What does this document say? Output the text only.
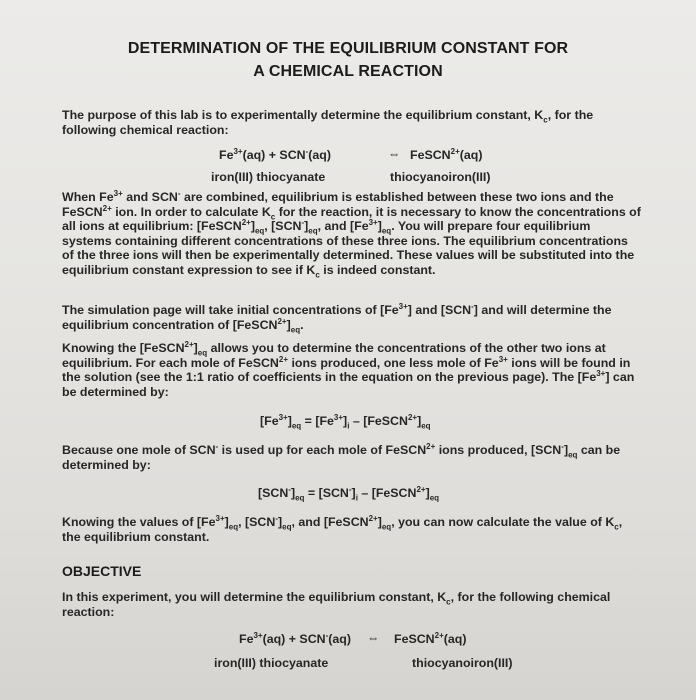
DETERMINATION OF THE EQUILIBRIUM CONSTANT FOR
A CHEMICAL REACTION
The purpose of this lab is to experimentally determine the equilibrium constant, $K_c$, for the following chemical reaction:
$Fe^{3+}(aq) + SCN^-(aq)$	⇔ FeSCN$^{2+}$(aq)
iron(III) thiocyanate	thiocyanoiron(III)
When $Fe^{3+}$ and SCN- are combined, equilibrium is established between these two ions and the FeSCN$^{2+}$ ion. In order to calculate $K_c$ for the reaction, it is necessary to know the concentrations of all ions at equilibrium: $[FeSCN^{2+}]_{eq}$, $[SCN^-]_{eq}$, and $[Fe^{3+}]_{eq}$. You will prepare four equilibrium systems containing different concentrations of these three ions. The equilibrium concentrations of the three ions will then be experimentally determined. These values will be substituted into the equilibrium constant expression to see if $K_c$ is indeed constant.
The simulation page will take initial concentrations of $[Fe^{3+}]$ and [SCN-] and will determine the equilibrium concentration of $[FeSCN^{2+}]_{eq}$.
Knowing the $[FeSCN^{2+}]_{eq}$ allows you to determine the concentrations of the other two ions at equilibrium. For each mole of FeSCN$^{2+}$ ions produced, one less mole of $Fe^{3+}$ ions will be found in the solution (see the 1:1 ratio of coefficients in the equation on the previous page). The $[Fe^{3+}]$ can be determined by:
$[Fe^{3+}]_{eq} = [Fe^{3+}]_i$ – $[FeSCN^{2+}]_{eq}$
Because one mole of SCN- is used up for each mole of FeSCN$^{2+}$ ions produced, $[SCN^-]_{eq}$ can be determined by:
$[SCN^-]_{eq} = [SCN^-]_i$ – $[FeSCN^{2+}]_{eq}$
Knowing the values of $[Fe^{3+}]_{eq}$, $[SCN^-]_{eq}$, and $[FeSCN^{2+}]_{eq}$, you can now calculate the value of $K_c$, the equilibrium constant.
OBJECTIVE
In this experiment, you will determine the equilibrium constant, $K_c$, for the following chemical reaction:
$Fe^{3+}(aq) + SCN^-(aq)$ ⇔ FeSCN$^{2+}$(aq)
iron(III) thiocyanate	thiocyanoiron(III)
